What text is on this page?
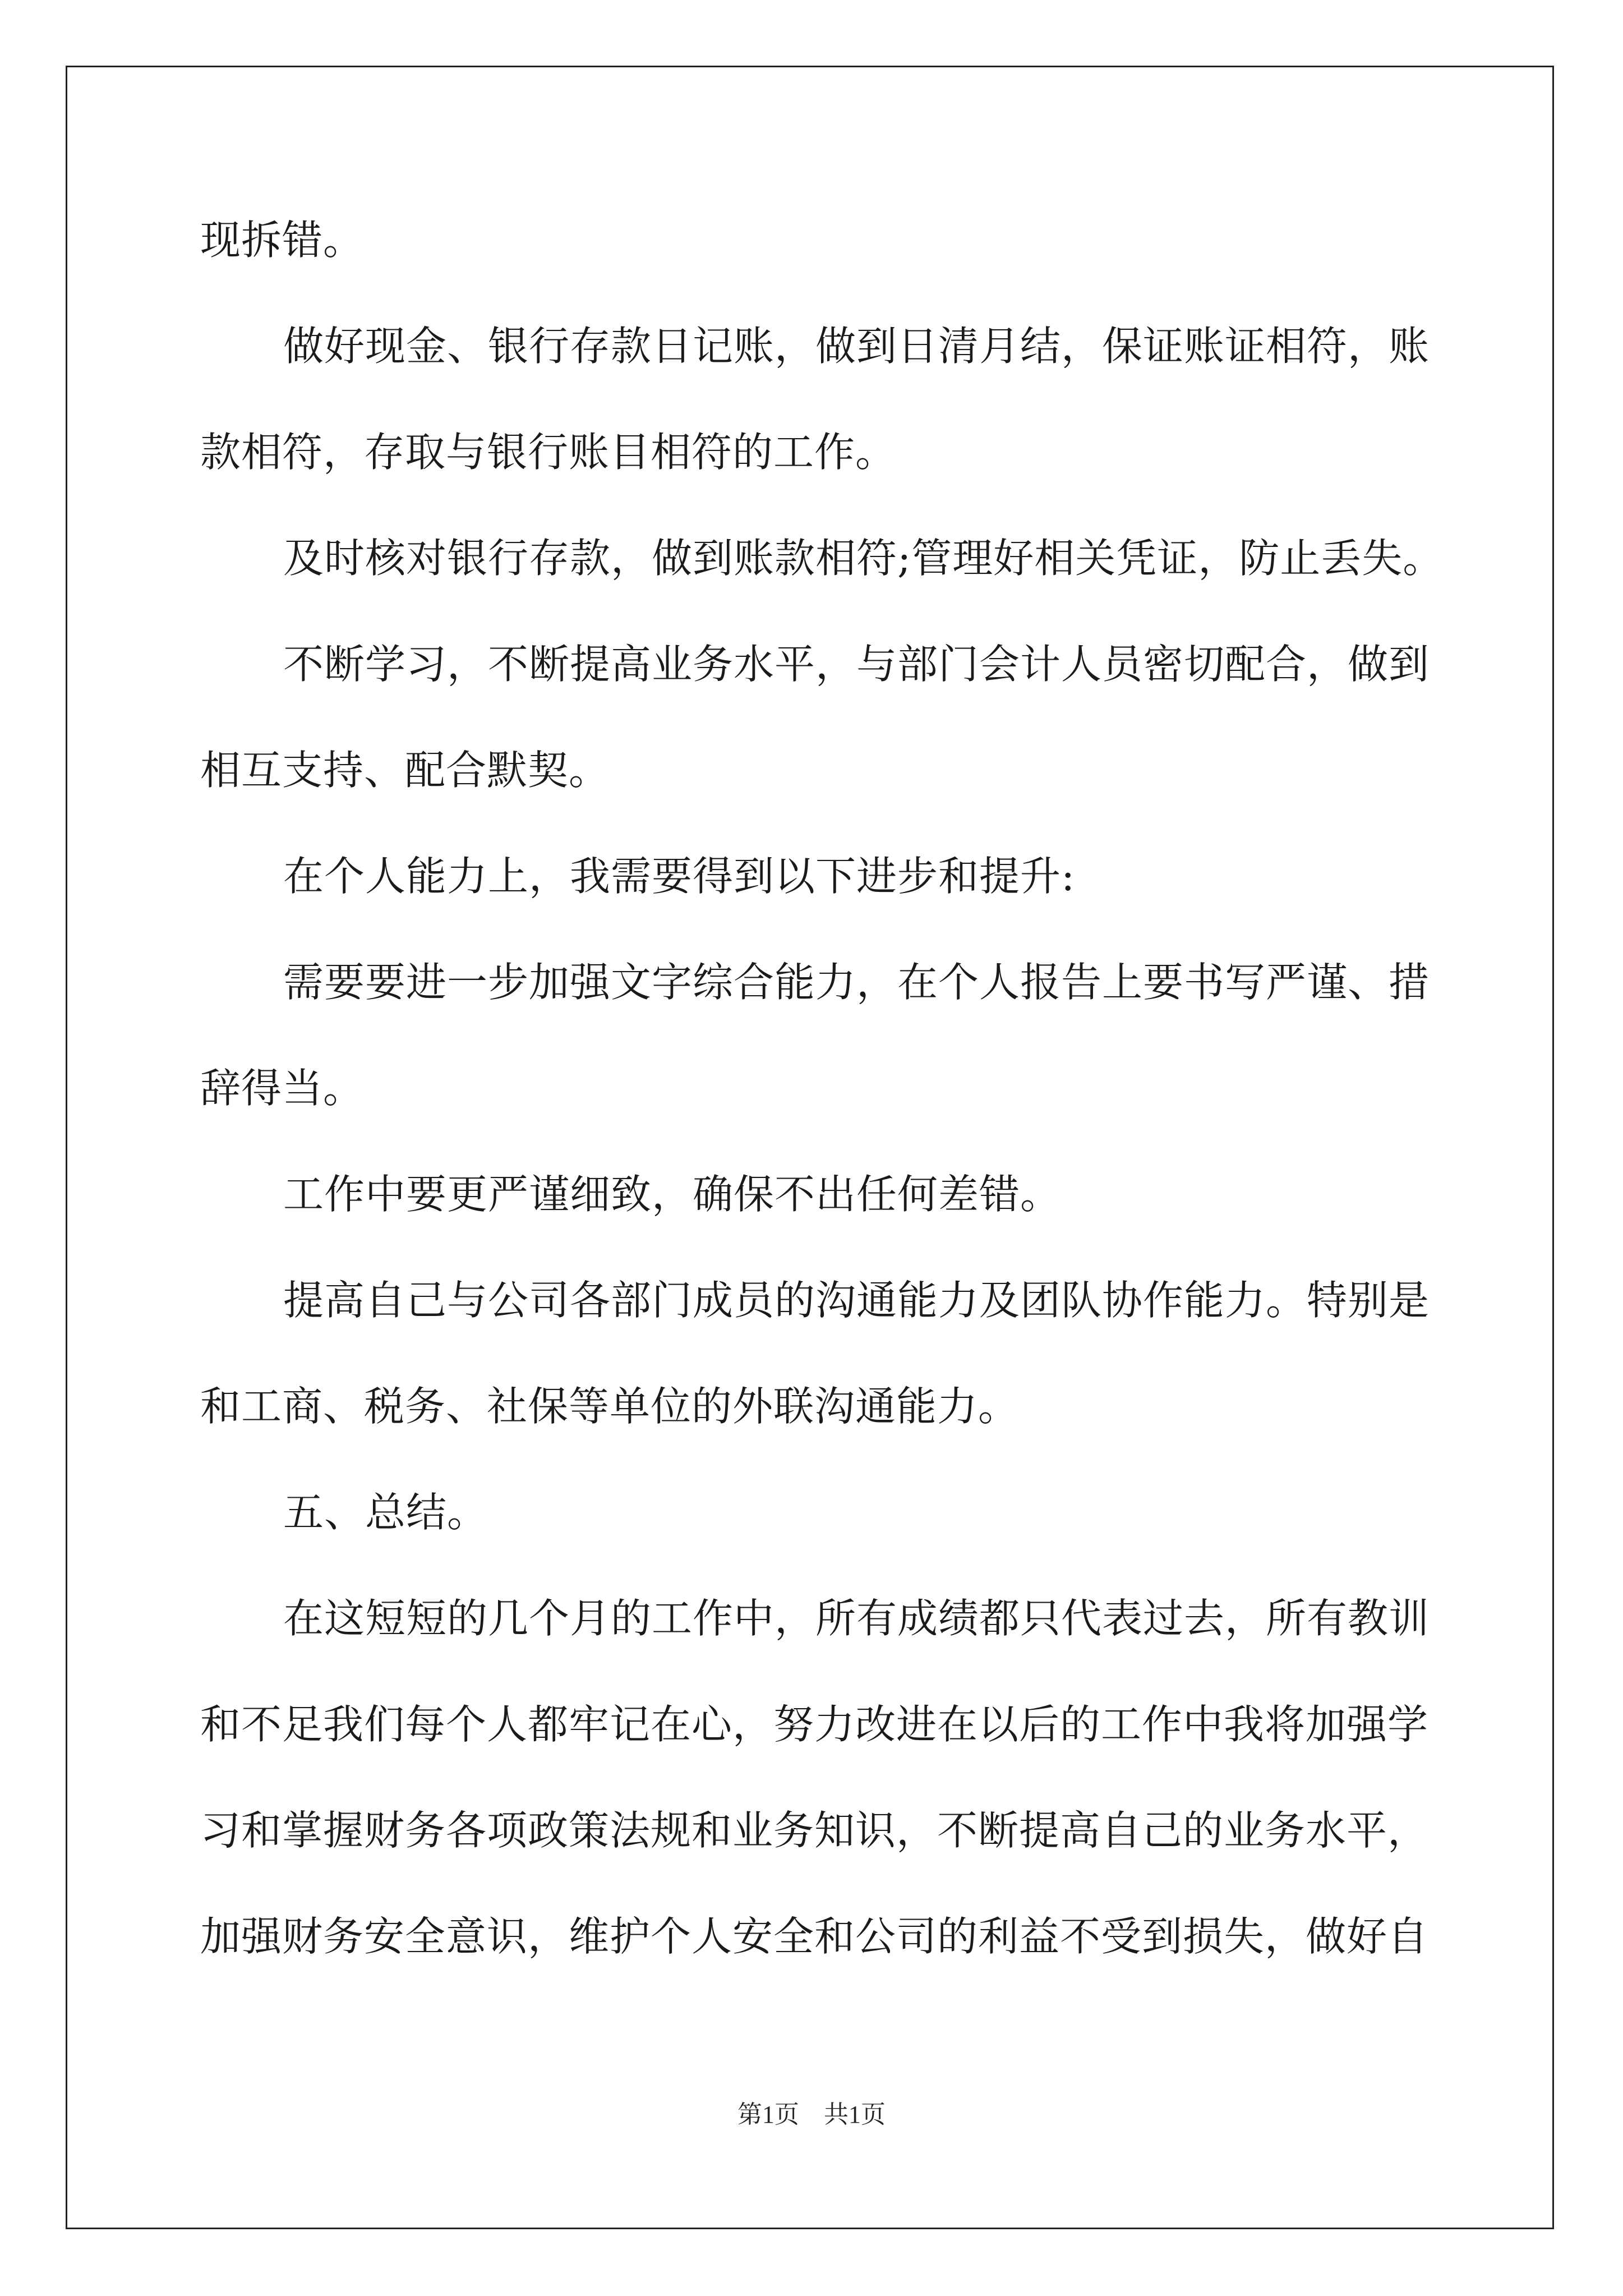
现拆错。
做好现金、银行存款日记账，做到日清月结，保证账证相符，账
款相符，存取与银行账目相符的工作。
及时核对银行存款，做到账款相符;管理好相关凭证，防止丢失。
不断学习，不断提高业务水平，与部门会计人员密切配合，做到
相互支持、配合默契。
在个人能力上，我需要得到以下进步和提升:
需要要进一步加强文字综合能力，在个人报告上要书写严谨、措
辞得当。
工作中要更严谨细致，确保不出任何差错。
提高自己与公司各部门成员的沟通能力及团队协作能力。特别是
和工商、税务、社保等单位的外联沟通能力。
五、总结。
在这短短的几个月的工作中，所有成绩都只代表过去，所有教训
和不足我们每个人都牢记在心，努力改进在以后的工作中我将加强学
习和掌握财务各项政策法规和业务知识，不断提高自己的业务水平，
加强财务安全意识，维护个人安全和公司的利益不受到损失，做好自
第1页　共1页
